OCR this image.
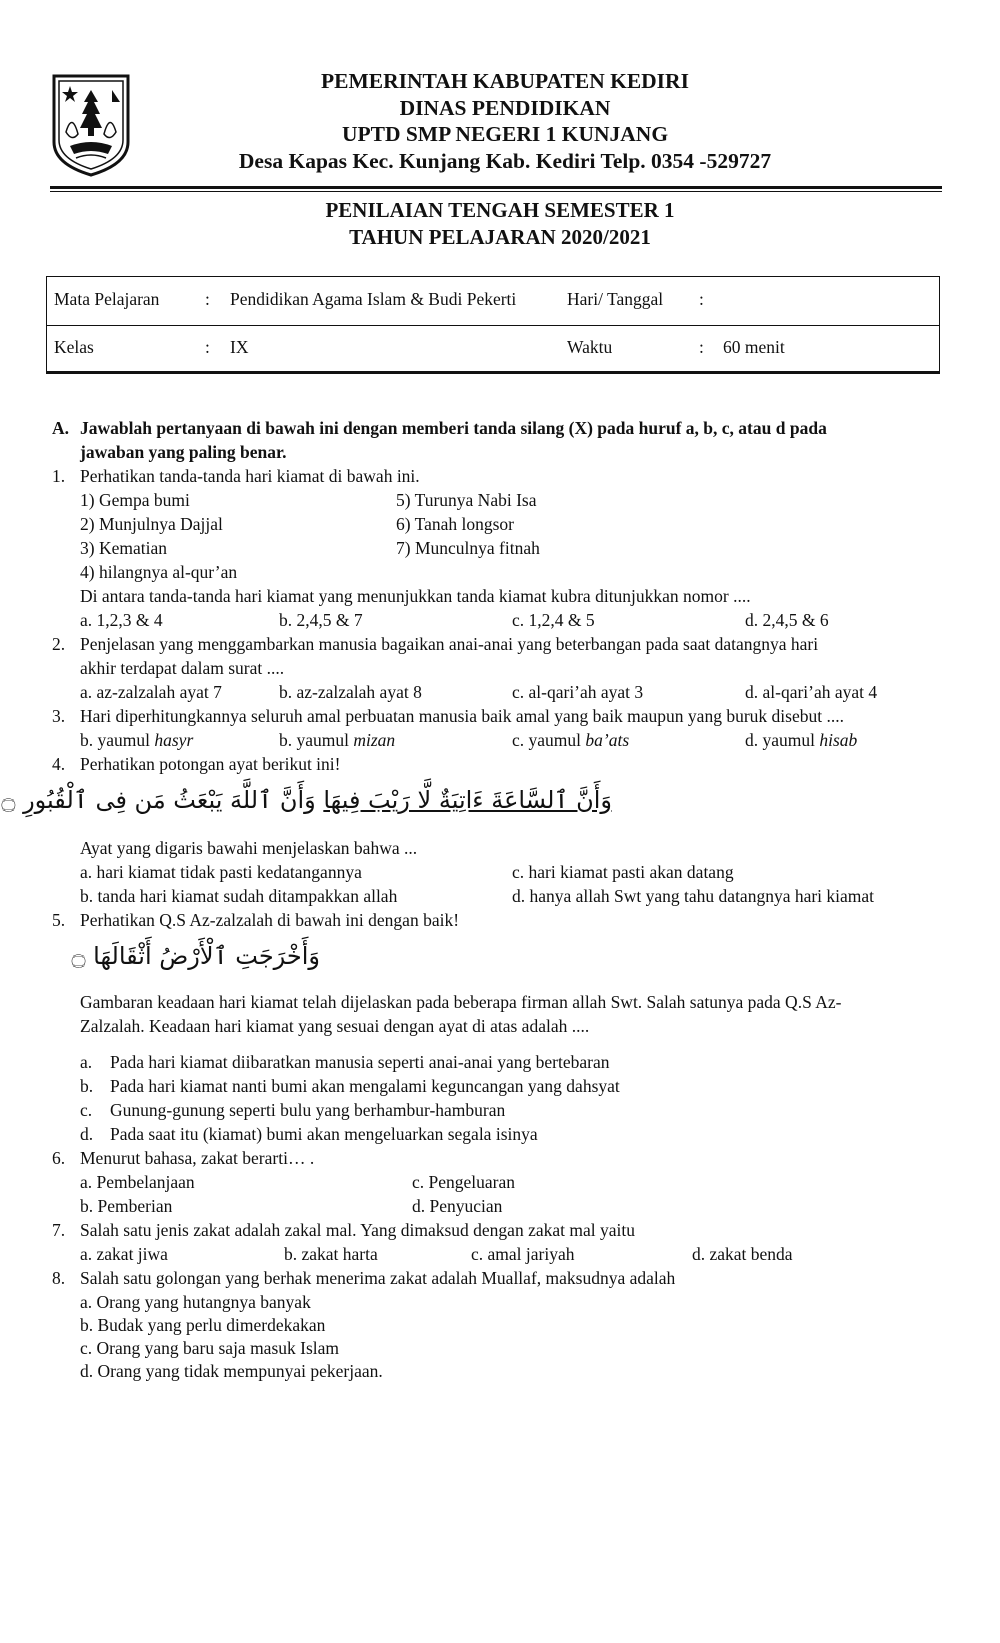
PEMERINTAH KABUPATEN KEDIRI
DINAS PENDIDIKAN
UPTD SMP NEGERI 1 KUNJANG
Desa Kapas Kec. Kunjang Kab. Kediri Telp. 0354 -529727
PENILAIAN TENGAH SEMESTER 1
TAHUN PELAJARAN 2020/2021
Mata Pelajaran	: Pendidikan Agama Islam & Budi Pekerti	Hari/ Tanggal :
Kelas	: IX	Waktu	: 60 menit
A. Jawablah pertanyaan di bawah ini dengan memberi tanda silang (X) pada huruf a, b, c, atau d pada
jawaban yang paling benar.
1. Perhatikan tanda-tanda hari kiamat di bawah ini.
1) Gempa bumi
2) Munjulnya Dajjal
3) Kematian
4) hilangnya al-qur’an
5) Turunya Nabi Isa
6) Tanah longsor
7) Munculnya fitnah
Di antara tanda-tanda hari kiamat yang menunjukkan tanda kiamat kubra ditunjukkan nomor ....
a. 1,2,3 & 4	b. 2,4,5 & 7	c. 1,2,4 & 5	d. 2,4,5 & 6
2. Penjelasan yang menggambarkan manusia bagaikan anai-anai yang beterbangan pada saat datangnya hari
akhir terdapat dalam surat ....
a. az-zalzalah ayat 7	b. az-zalzalah ayat 8	c. al-qari’ah ayat 3	d. al-qari’ah ayat 4
3. Hari diperhitungkannya seluruh amal perbuatan manusia baik amal yang baik maupun yang buruk disebut ....
b. yaumul hasyr	b. yaumul mizan	c. yaumul ba’ats	d. yaumul hisab
4. Perhatikan potongan ayat berikut ini!
وَأَنَّ ٱلسَّاعَةَ ءَاتِيَةٌ لَّا رَيْبَ فِيهَا وَأَنَّ ٱللَّهَ يَبْعَثُ مَن فِى ٱلْقُبُورِ ۝
Ayat yang digaris bawahi menjelaskan bahwa ...
a. hari kiamat tidak pasti kedatangannya
b. tanda hari kiamat sudah ditampakkan allah
c. hari kiamat pasti akan datang
d. hanya allah Swt yang tahu datangnya hari kiamat
5. Perhatikan Q.S Az-zalzalah di bawah ini dengan baik!
وَأَخْرَجَتِ ٱلْأَرْضُ أَثْقَالَهَا ۝
Gambaran keadaan hari kiamat telah dijelaskan pada beberapa firman allah Swt. Salah satunya pada Q.S Az-
Zalzalah. Keadaan hari kiamat yang sesuai dengan ayat di atas adalah ....
a. Pada hari kiamat diibaratkan manusia seperti anai-anai yang bertebaran
b. Pada hari kiamat nanti bumi akan mengalami keguncangan yang dahsyat
c. Gunung-gunung seperti bulu yang berhambur-hamburan
d. Pada saat itu (kiamat) bumi akan mengeluarkan segala isinya
6. Menurut bahasa, zakat berarti… .
a. Pembelanjaan
b. Pemberian
c. Pengeluaran
d. Penyucian
7. Salah satu jenis zakat adalah zakal mal. Yang dimaksud dengan zakat mal yaitu
a. zakat jiwa	b. zakat harta	c. amal jariyah	d. zakat benda
8. Salah satu golongan yang berhak menerima zakat adalah Muallaf, maksudnya adalah
a. Orang yang hutangnya banyak
b. Budak yang perlu dimerdekakan
c. Orang yang baru saja masuk Islam
d. Orang yang tidak mempunyai pekerjaan.
